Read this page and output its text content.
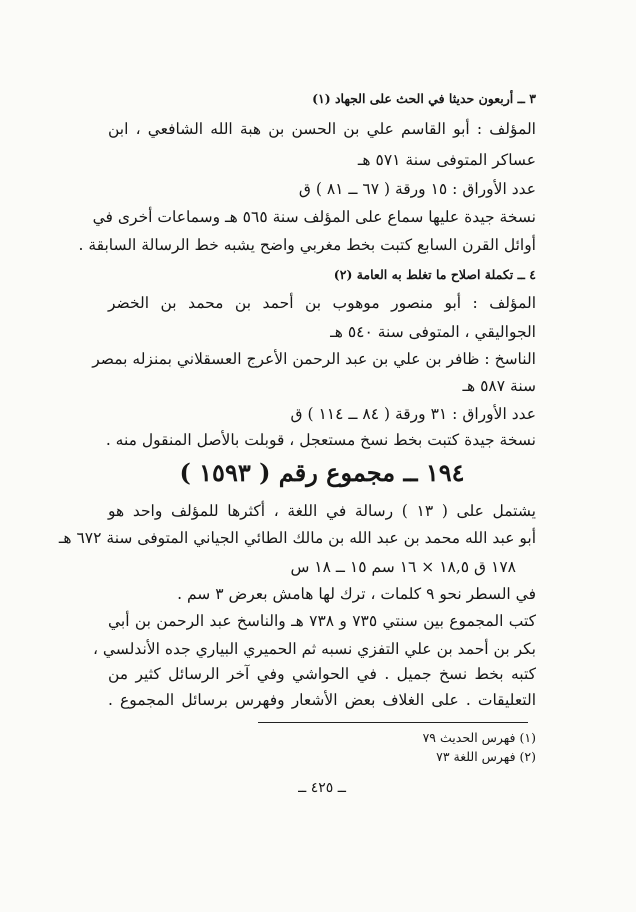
٣ ــ أربعون حديثا في الحث على الجهاد (١)
المؤلف : أبو القاسم علي بن الحسن بن هبة الله الشافعي ، ابن
عساكر المتوفى سنة ٥٧١ هـ
عدد الأوراق : ١٥ ورقة ( ٦٧ ــ ٨١ ) ق
نسخة جيدة عليها سماع على المؤلف سنة ٥٦٥ هـ وسماعات أخرى في
أوائل القرن السابع كتبت بخط مغربي واضح يشبه خط الرسالة السابقة .
٤ ــ تكملة اصلاح ما تغلط به العامة (٢)
المؤلف : أبو منصور موهوب بن أحمد بن محمد بن الخضر
الجواليقي ، المتوفى سنة ٥٤٠ هـ
الناسخ : ظافر بن علي بن عبد الرحمن الأعرج العسقلاني بمنزله بمصر
سنة ٥٨٧ هـ
عدد الأوراق : ٣١ ورقة ( ٨٤ ــ ١١٤ ) ق
نسخة جيدة كتبت بخط نسخ مستعجل ، قوبلت بالأصل المنقول منه .
١٩٤ ــ مجموع رقم ( ١٥٩٣ )
يشتمل على ( ١٣ ) رسالة في اللغة ، أكثرها للمؤلف واحد هو
أبو عبد الله محمد بن عبد الله بن مالك الطائي الجياني المتوفى سنة ٦٧٢ هـ
١٧٨ ق ١٨,٥ × ١٦ سم ١٥ ــ ١٨ س
في السطر نحو ٩ كلمات ، ترك لها هامش بعرض ٣ سم .
كتب المجموع بين سنتي ٧٣٥ و ٧٣٨ هـ والناسخ عبد الرحمن بن أبي
بكر بن أحمد بن علي التفزي نسبه ثم الحميري البياري جده الأندلسي ،
كتبه بخط نسخ جميل . في الحواشي وفي آخر الرسائل كثير من
التعليقات . على الغلاف بعض الأشعار وفهرس برسائل المجموع .
(١) فهرس الحديث ٧٩
(٢) فهرس اللغة ٧٣
ــ ٤٢٥ ــ
